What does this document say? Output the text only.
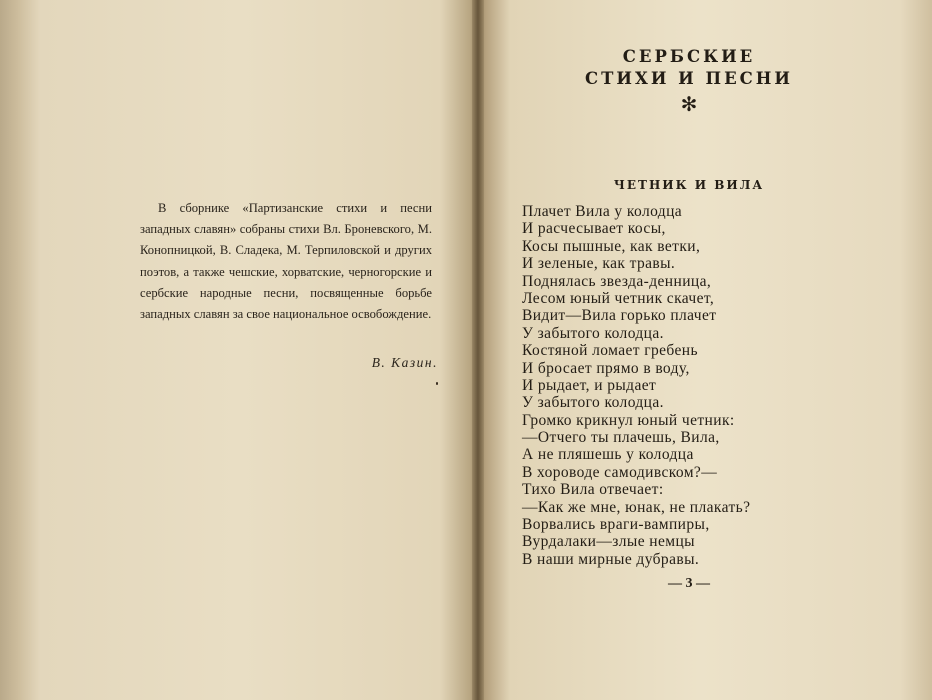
В сборнике «Партизанские стихи и песни западных славян» собраны стихи Вл. Броневского, М. Конопницкой, В. Сладека, М. Терпиловской и других поэтов, а также чешские, хорватские, черногорские и сербские народные песни, посвященные борьбе западных славян за свое национальное освобождение.

В. Казин.

СЕРБСКИЕ
СТИХИ И ПЕСНИ
✻
ЧЕТНИК И ВИЛА
Плачет Вила у колодца
И расчесывает косы,
Косы пышные, как ветки,
И зеленые, как травы.
Поднялась звезда-денница,
Лесом юный четник скачет,
Видит—Вила горько плачет
У забытого колодца.
Костяной ломает гребень
И бросает прямо в воду,
И рыдает, и рыдает
У забытого колодца.
Громко крикнул юный четник:
—Отчего ты плачешь, Вила,
А не пляшешь у колодца
В хороводе самодивском?—
Тихо Вила отвечает:
—Как же мне, юнак, не плакать?
Ворвались враги-вампиры,
Вурдалаки—злые немцы
В наши мирные дубравы.

— 3 —
